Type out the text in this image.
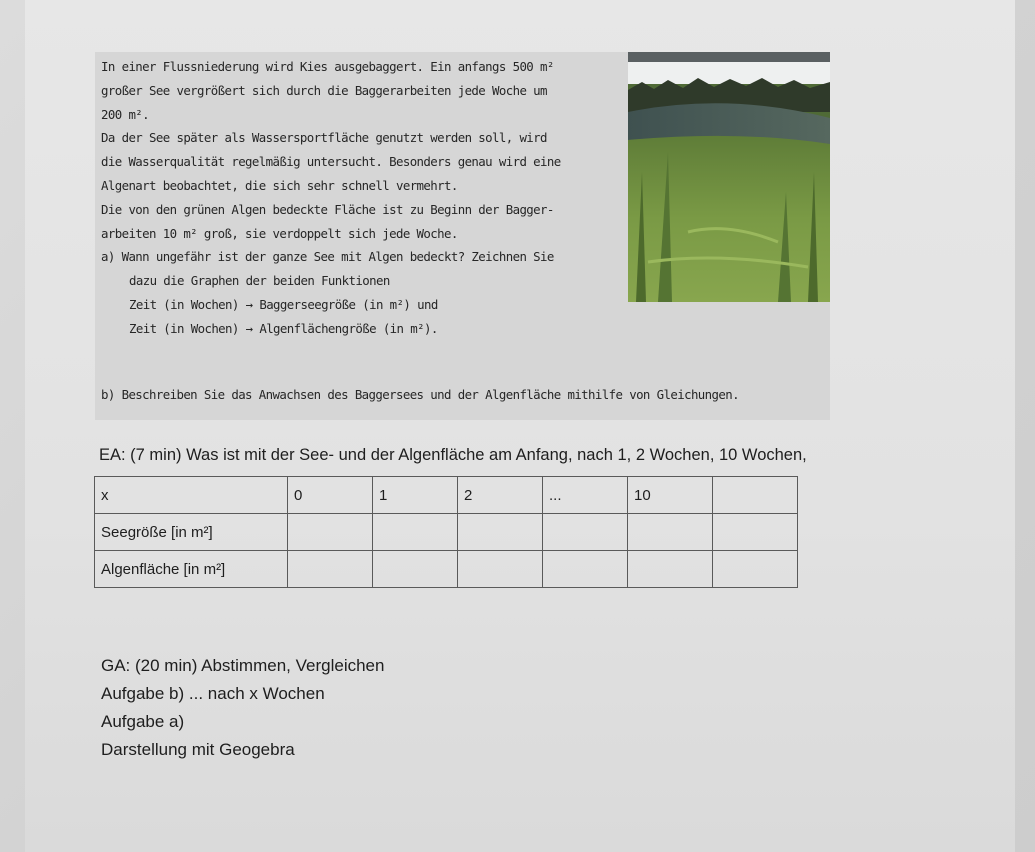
In einer Flussniederung wird Kies ausgebaggert. Ein anfangs 500 m²

großer See vergrößert sich durch die Baggerarbeiten jede Woche um

200 m².

Da der See später als Wassersportfläche genutzt werden soll, wird

die Wasserqualität regelmäßig untersucht. Besonders genau wird eine

Algenart beobachtet, die sich sehr schnell vermehrt.

Die von den grünen Algen bedeckte Fläche ist zu Beginn der Bagger-

arbeiten 10 m² groß, sie verdoppelt sich jede Woche.

a) Wann ungefähr ist der ganze See mit Algen bedeckt? Zeichnen Sie

dazu die Graphen der beiden Funktionen

Zeit (in Wochen) → Baggerseegröße (in m²) und

Zeit (in Wochen) → Algenflächengröße (in m²).

b) Beschreiben Sie das Anwachsen des Baggersees und der Algenfläche mithilfe von Gleichungen.
EA: (7 min) Was ist mit der See- und der Algenfläche am Anfang, nach 1, 2 Wochen, 10 Wochen,
x	0	1	2	...	10	
Seegröße [in m²]						
Algenfläche [in m²]						

GA: (20 min) Abstimmen, Vergleichen

Aufgabe b) ... nach x Wochen

Aufgabe a)

Darstellung mit Geogebra
